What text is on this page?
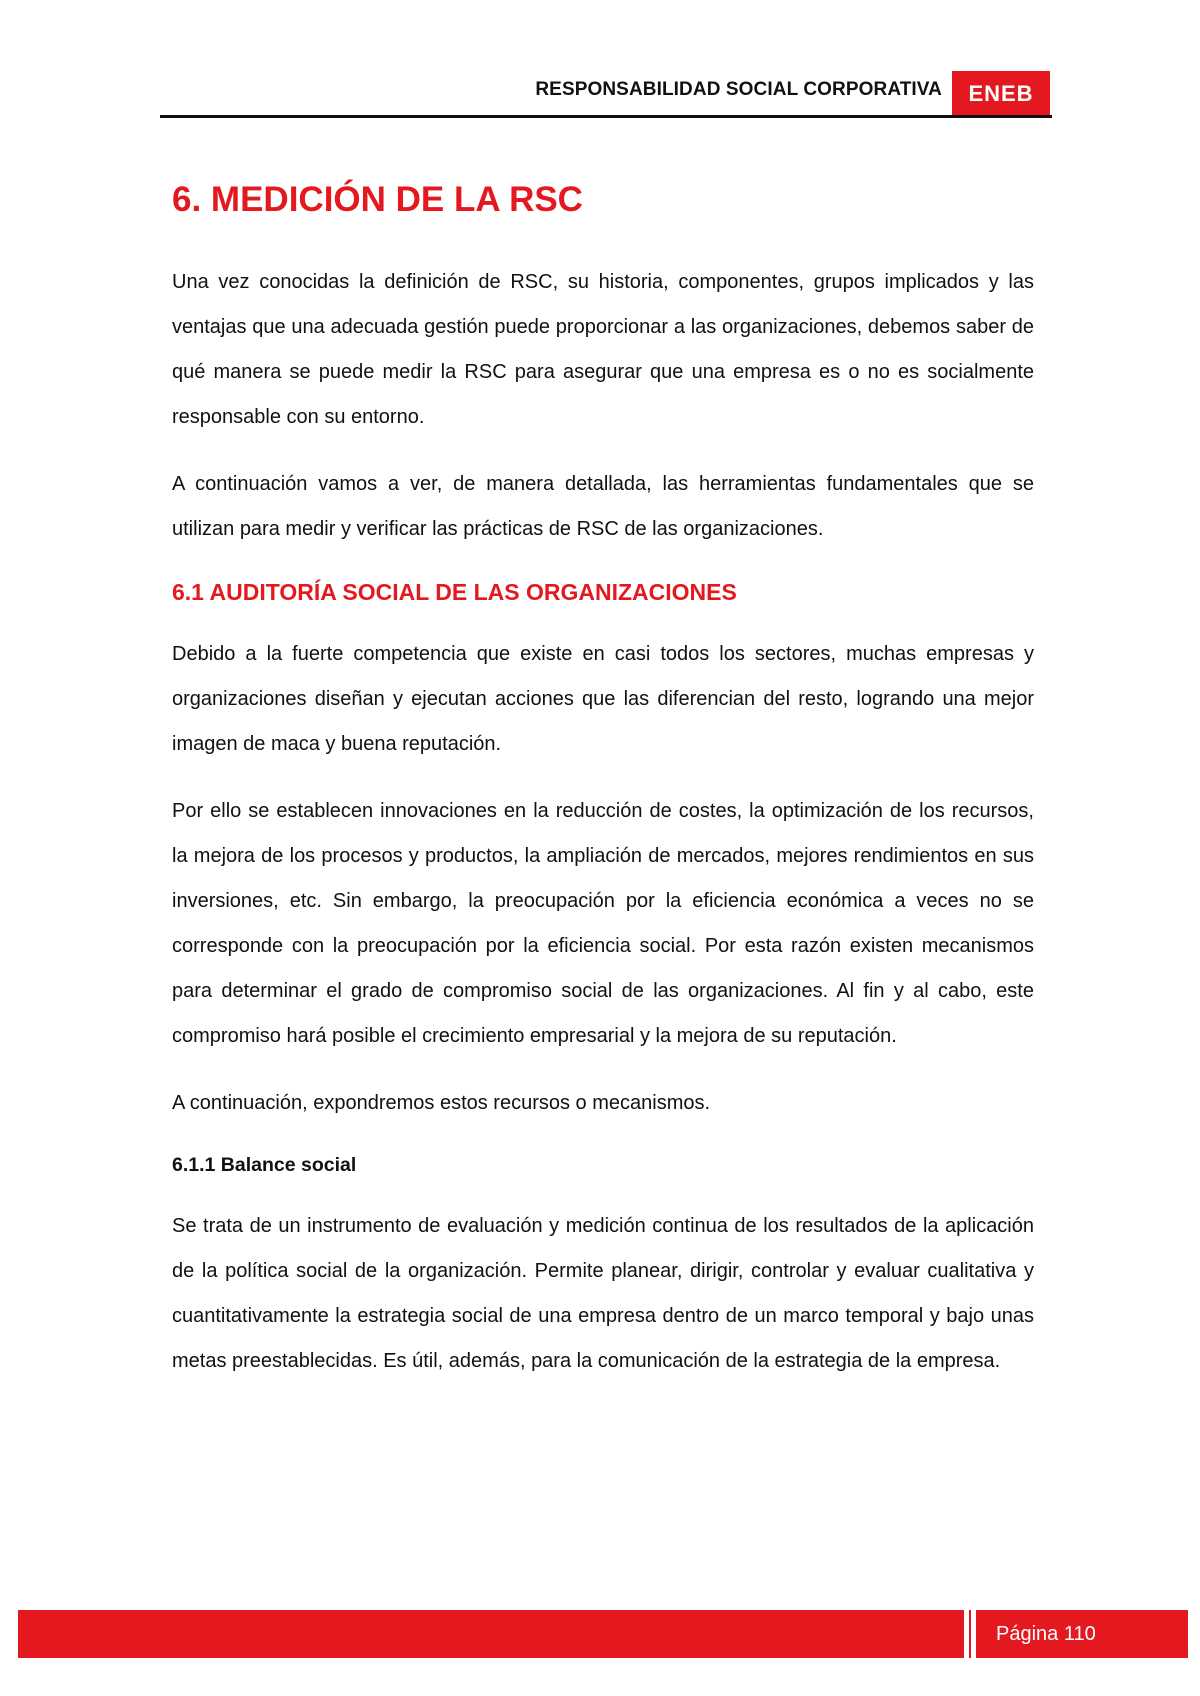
RESPONSABILIDAD SOCIAL CORPORATIVA	ENEB
6. MEDICIÓN DE LA RSC

Una vez conocidas la definición de RSC, su historia, componentes, grupos implicados y las ventajas que una adecuada gestión puede proporcionar a las organizaciones, debemos saber de qué manera se puede medir la RSC para asegurar que una empresa es o no es socialmente responsable con su entorno.

A continuación vamos a ver, de manera detallada, las herramientas fundamentales que se utilizan para medir y verificar las prácticas de RSC de las organizaciones.

6.1 AUDITORÍA SOCIAL DE LAS ORGANIZACIONES

Debido a la fuerte competencia que existe en casi todos los sectores, muchas empresas y organizaciones diseñan y ejecutan acciones que las diferencian del resto, logrando una mejor imagen de maca y buena reputación.

Por ello se establecen innovaciones en la reducción de costes, la optimización de los recursos, la mejora de los procesos y productos, la ampliación de mercados, mejores rendimientos en sus inversiones, etc. Sin embargo, la preocupación por la eficiencia económica a veces no se corresponde con la preocupación por la eficiencia social. Por esta razón existen mecanismos para determinar el grado de compromiso social de las organizaciones. Al fin y al cabo, este compromiso hará posible el crecimiento empresarial y la mejora de su reputación.

A continuación, expondremos estos recursos o mecanismos.

6.1.1 Balance social

Se trata de un instrumento de evaluación y medición continua de los resultados de la aplicación de la política social de la organización. Permite planear, dirigir, controlar y evaluar cualitativa y cuantitativamente la estrategia social de una empresa dentro de un marco temporal y bajo unas metas preestablecidas. Es útil, además, para la comunicación de la estrategia de la empresa.

Página 110
